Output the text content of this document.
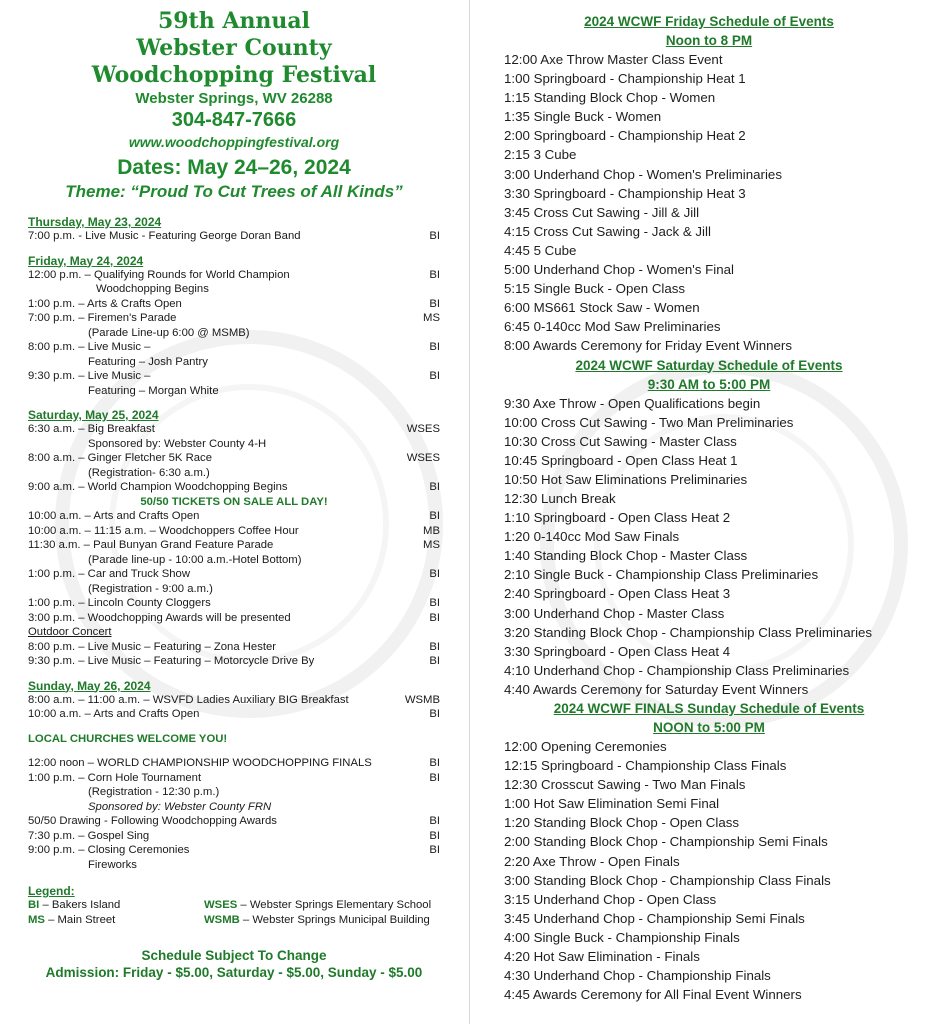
59th Annual
Webster County
Woodchopping Festival
Webster Springs, WV 26288
304-847-7666
www.woodchoppingfestival.org
Dates: May 24–26, 2024
Theme: “Proud To Cut Trees of All Kinds”
Thursday, May 23, 2024
7:00 p.m. - Live Music - Featuring George Doran Band	BI
Friday, May 24, 2024
12:00 p.m. – Qualifying Rounds for World Champion	BI
Woodchopping Begins
1:00 p.m. – Arts & Crafts Open	BI
7:00 p.m. – Firemen's Parade	MS
(Parade Line-up 6:00 @ MSMB)
8:00 p.m. – Live Music –	BI
Featuring – Josh Pantry
9:30 p.m. – Live Music –	BI
Featuring – Morgan White
Saturday, May 25, 2024
6:30 a.m. – Big Breakfast	WSES
Sponsored by: Webster County 4-H
8:00 a.m. – Ginger Fletcher 5K Race	WSES
(Registration- 6:30 a.m.)
9:00 a.m. – World Champion Woodchopping Begins	BI
50/50 TICKETS ON SALE ALL DAY!
10:00 a.m. – Arts and Crafts Open	BI
10:00 a.m. – 11:15 a.m. – Woodchoppers Coffee Hour	MB
11:30 a.m. – Paul Bunyan Grand Feature Parade	MS
(Parade line-up - 10:00 a.m.-Hotel Bottom)
1:00 p.m. – Car and Truck Show	BI
(Registration - 9:00 a.m.)
1:00 p.m. – Lincoln County Cloggers	BI
3:00 p.m. – Woodchopping Awards will be presented	BI
Outdoor Concert
8:00 p.m. – Live Music – Featuring – Zona Hester	BI
9:30 p.m. – Live Music – Featuring – Motorcycle Drive By	BI
Sunday, May 26, 2024
8:00 a.m. – 11:00 a.m. – WSVFD Ladies Auxiliary BIG Breakfast	WSMB
10:00 a.m. – Arts and Crafts Open	BI
LOCAL CHURCHES WELCOME YOU!
12:00 noon – WORLD CHAMPIONSHIP WOODCHOPPING FINALS	BI
1:00 p.m. – Corn Hole Tournament	BI
(Registration - 12:30 p.m.)
Sponsored by: Webster County FRN
50/50 Drawing - Following Woodchopping Awards	BI
7:30 p.m. – Gospel Sing	BI
9:00 p.m. – Closing Ceremonies	BI
Fireworks
Legend:
BI – Bakers Island	WSES – Webster Springs Elementary School
MS – Main Street	WSMB – Webster Springs Municipal Building
Schedule Subject To Change
Admission: Friday - $5.00, Saturday - $5.00, Sunday - $5.00
2024 WCWF Friday Schedule of Events
Noon to 8 PM
12:00 Axe Throw Master Class Event
1:00 Springboard - Championship Heat 1
1:15 Standing Block Chop - Women
1:35 Single Buck - Women
2:00 Springboard - Championship Heat 2
2:15 3 Cube
3:00 Underhand Chop - Women's Preliminaries
3:30 Springboard - Championship Heat 3
3:45 Cross Cut Sawing - Jill & Jill
4:15 Cross Cut Sawing - Jack & Jill
4:45 5 Cube
5:00 Underhand Chop - Women's Final
5:15 Single Buck - Open Class
6:00 MS661 Stock Saw - Women
6:45 0-140cc Mod Saw Preliminaries
8:00 Awards Ceremony for Friday Event Winners
2024 WCWF Saturday Schedule of Events
9:30 AM to 5:00 PM
9:30 Axe Throw - Open Qualifications begin
10:00 Cross Cut Sawing - Two Man Preliminaries
10:30 Cross Cut Sawing - Master Class
10:45 Springboard - Open Class Heat 1
10:50 Hot Saw Eliminations Preliminaries
12:30 Lunch Break
1:10 Springboard - Open Class Heat 2
1:20 0-140cc Mod Saw Finals
1:40 Standing Block Chop - Master Class
2:10 Single Buck - Championship Class Preliminaries
2:40 Springboard - Open Class Heat 3
3:00 Underhand Chop - Master Class
3:20 Standing Block Chop - Championship Class Preliminaries
3:30 Springboard - Open Class Heat 4
4:10 Underhand Chop - Championship Class Preliminaries
4:40 Awards Ceremony for Saturday Event Winners
2024 WCWF FINALS Sunday Schedule of Events
NOON to 5:00 PM
12:00 Opening Ceremonies
12:15 Springboard - Championship Class Finals
12:30 Crosscut Sawing - Two Man Finals
1:00 Hot Saw Elimination Semi Final
1:20 Standing Block Chop - Open Class
2:00 Standing Block Chop - Championship Semi Finals
2:20 Axe Throw - Open Finals
3:00 Standing Block Chop - Championship Class Finals
3:15 Underhand Chop - Open Class
3:45 Underhand Chop - Championship Semi Finals
4:00 Single Buck - Championship Finals
4:20 Hot Saw Elimination - Finals
4:30 Underhand Chop - Championship Finals
4:45 Awards Ceremony for All Final Event Winners
